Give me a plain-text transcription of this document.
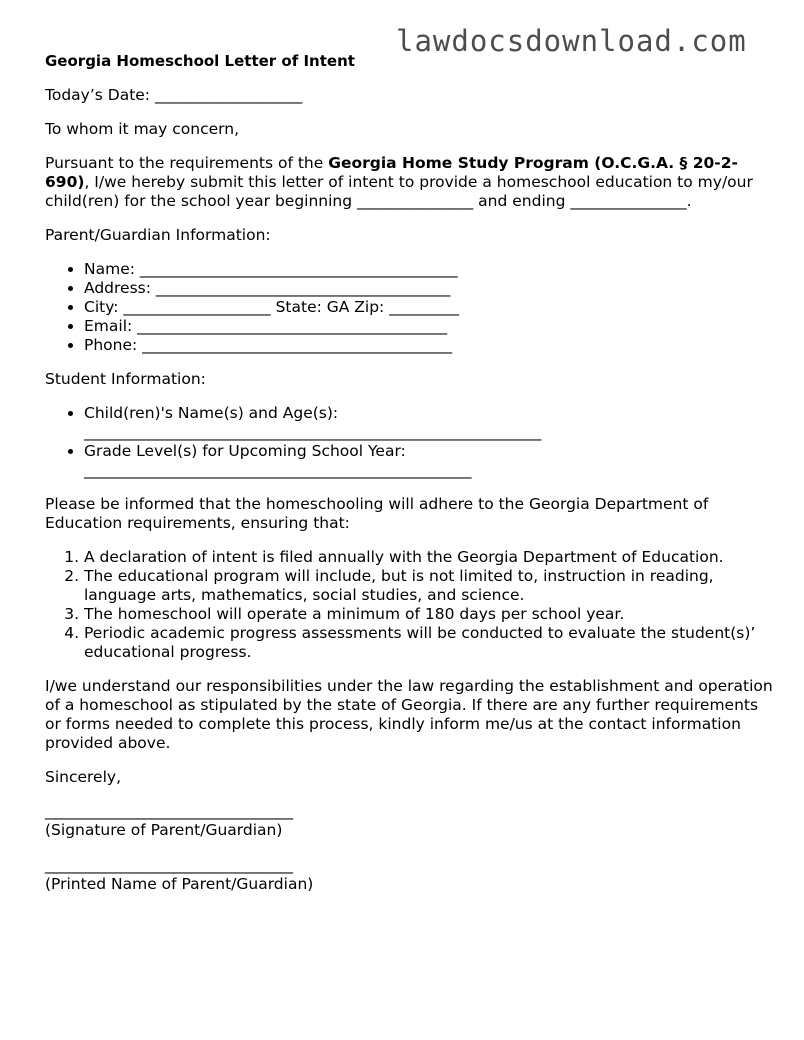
lawdocsdownload.com
Georgia Homeschool Letter of Intent

Today’s Date: ___________________

To whom it may concern,

Pursuant to the requirements of the Georgia Home Study Program (O.C.G.A. § 20-2-690), I/we hereby submit this letter of intent to provide a homeschool education to my/our child(ren) for the school year beginning _______________ and ending _______________.

Parent/Guardian Information:

• Name: _________________________________________
• Address: ______________________________________
• City: ___________________ State: GA Zip: _________
• Email: ________________________________________
• Phone: ________________________________________

Student Information:

• Child(ren)'s Name(s) and Age(s):
___________________________________________________________
• Grade Level(s) for Upcoming School Year:
__________________________________________________

Please be informed that the homeschooling will adhere to the Georgia Department of Education requirements, ensuring that:

1. A declaration of intent is filed annually with the Georgia Department of Education.
2. The educational program will include, but is not limited to, instruction in reading, language arts, mathematics, social studies, and science.
3. The homeschool will operate a minimum of 180 days per school year.
4. Periodic academic progress assessments will be conducted to evaluate the student(s)’ educational progress.

I/we understand our responsibilities under the law regarding the establishment and operation of a homeschool as stipulated by the state of Georgia. If there are any further requirements or forms needed to complete this process, kindly inform me/us at the contact information provided above.

Sincerely,

________________________________
(Signature of Parent/Guardian)
________________________________
(Printed Name of Parent/Guardian)
